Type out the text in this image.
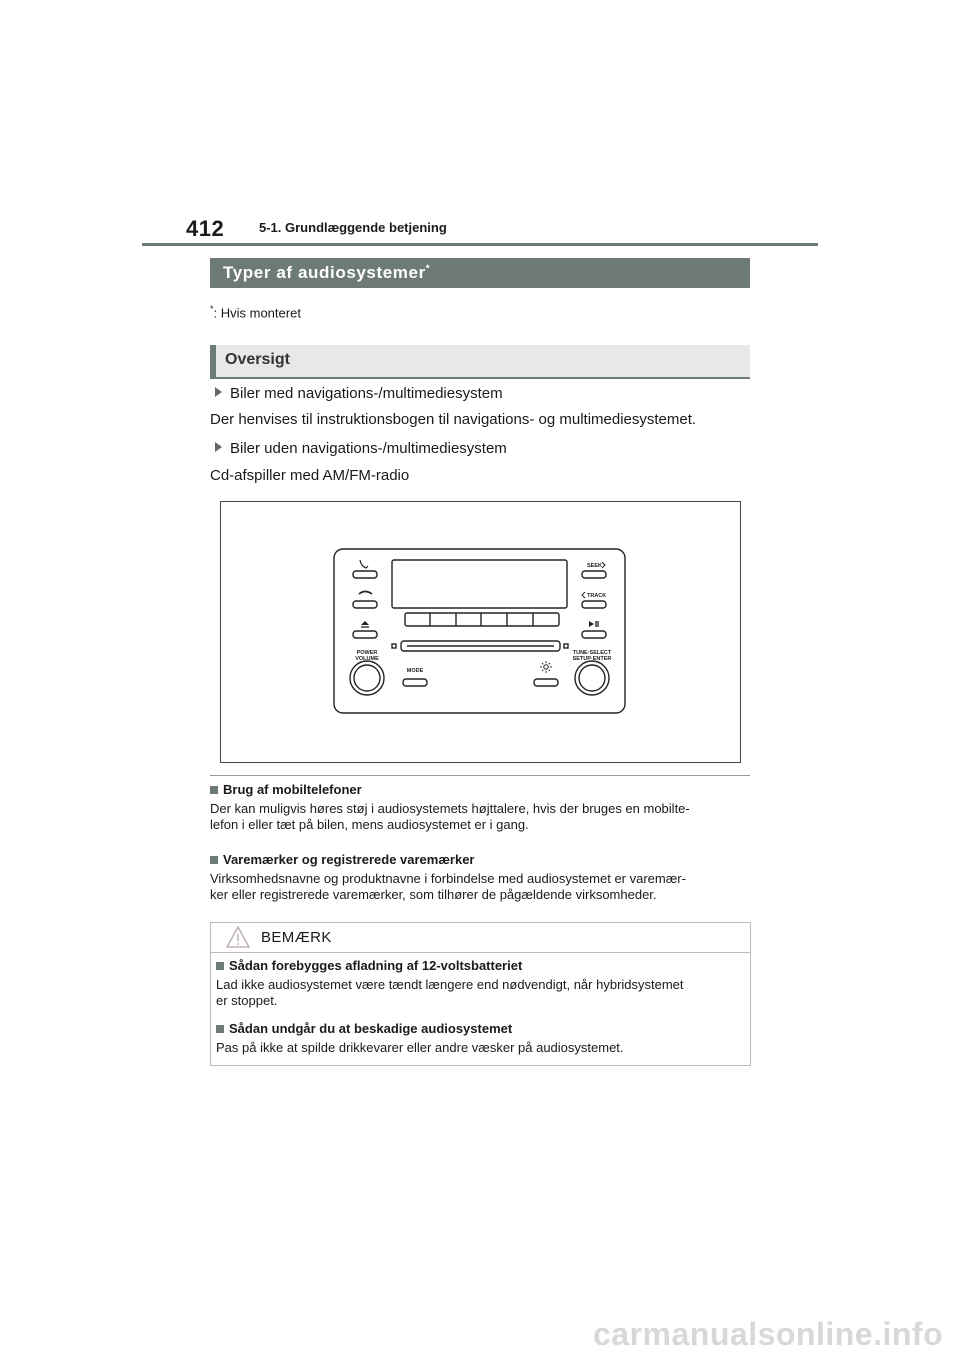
412	5-1. Grundlæggende betjening
Typer af audiosystemer*
*: Hvis monteret
Oversigt
Biler med navigations-/multimediesystem
Der henvises til instruktionsbogen til navigations- og multimediesystemet.
Biler uden navigations-/multimediesystem
Cd-afspiller med AM/FM-radio
SEEK
TRACK
POWER
VOLUME
TUNE·SELECT
SETUP·ENTER
MODE
Brug af mobiltelefoner
Der kan muligvis høres støj i audiosystemets højttalere, hvis der bruges en mobilte-
lefon i eller tæt på bilen, mens audiosystemet er i gang.
Varemærker og registrerede varemærker
Virksomhedsnavne og produktnavne i forbindelse med audiosystemet er varemær-
ker eller registrerede varemærker, som tilhører de pågældende virksomheder.
BEMÆRK
Sådan forebygges afladning af 12-voltsbatteriet
Lad ikke audiosystemet være tændt længere end nødvendigt, når hybridsystemet
er stoppet.
Sådan undgår du at beskadige audiosystemet
Pas på ikke at spilde drikkevarer eller andre væsker på audiosystemet.
carmanualsonline.info
